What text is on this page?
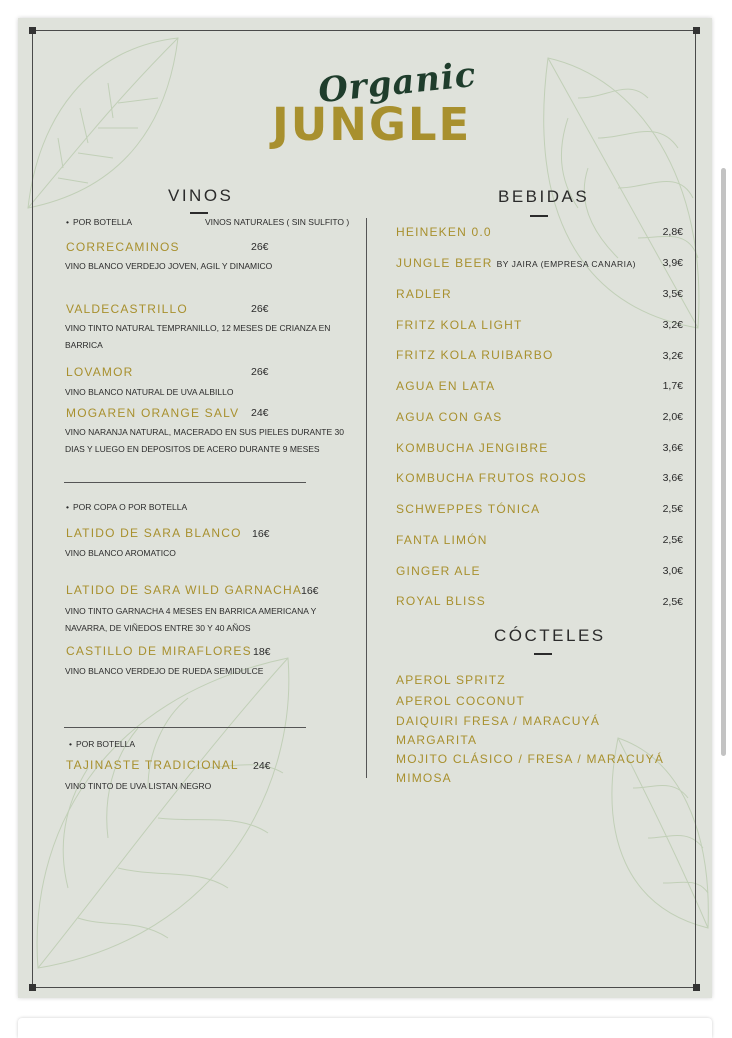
Organic
JUNGLE
VINOS
• POR BOTELLA	VINOS NATURALES ( SIN SULFITO )
CORRECAMINOS	26€
VINO BLANCO VERDEJO JOVEN, AGIL Y DINAMICO
VALDECASTRILLO	26€
VINO TINTO NATURAL TEMPRANILLO, 12 MESES DE CRIANZA EN BARRICA
LOVAMOR	26€
VINO BLANCO NATURAL DE UVA ALBILLO
MOGAREN ORANGE SALV 24€
VINO NARANJA NATURAL, MACERADO EN SUS PIELES DURANTE 30 DIAS Y LUEGO EN DEPOSITOS DE ACERO DURANTE 9 MESES
• POR COPA O POR BOTELLA
LATIDO DE SARA BLANCO 16€
VINO BLANCO AROMATICO
LATIDO DE SARA WILD GARNACHA
16€
VINO TINTO GARNACHA 4 MESES EN BARRICA AMERICANA Y NAVARRA, DE VIÑEDOS ENTRE 30 Y 40 AÑOS
CASTILLO DE MIRAFLORES 18€
VINO BLANCO VERDEJO DE RUEDA SEMIDULCE
• POR BOTELLA
TAJINASTE TRADICIONAL 24€
VINO TINTO DE UVA LISTAN NEGRO
BEBIDAS
HEINEKEN 0.0	2,8€
JUNGLE BEER BY JAIRA (EMPRESA CANARIA)	3,9€
RADLER	3,5€
FRITZ KOLA LIGHT	3,2€
FRITZ KOLA RUIBARBO	3,2€
AGUA EN LATA	1,7€
AGUA CON GAS	2,0€
KOMBUCHA JENGIBRE	3,6€
KOMBUCHA FRUTOS ROJOS	3,6€
SCHWEPPES TÓNICA	2,5€
FANTA LIMÓN	2,5€
GINGER ALE	3,0€
ROYAL BLISS	2,5€
CÓCTELES
APEROL SPRITZ
APEROL COCONUT
DAIQUIRI FRESA / MARACUYÁ
MARGARITA
MOJITO CLÁSICO / FRESA / MARACUYÁ
MIMOSA
